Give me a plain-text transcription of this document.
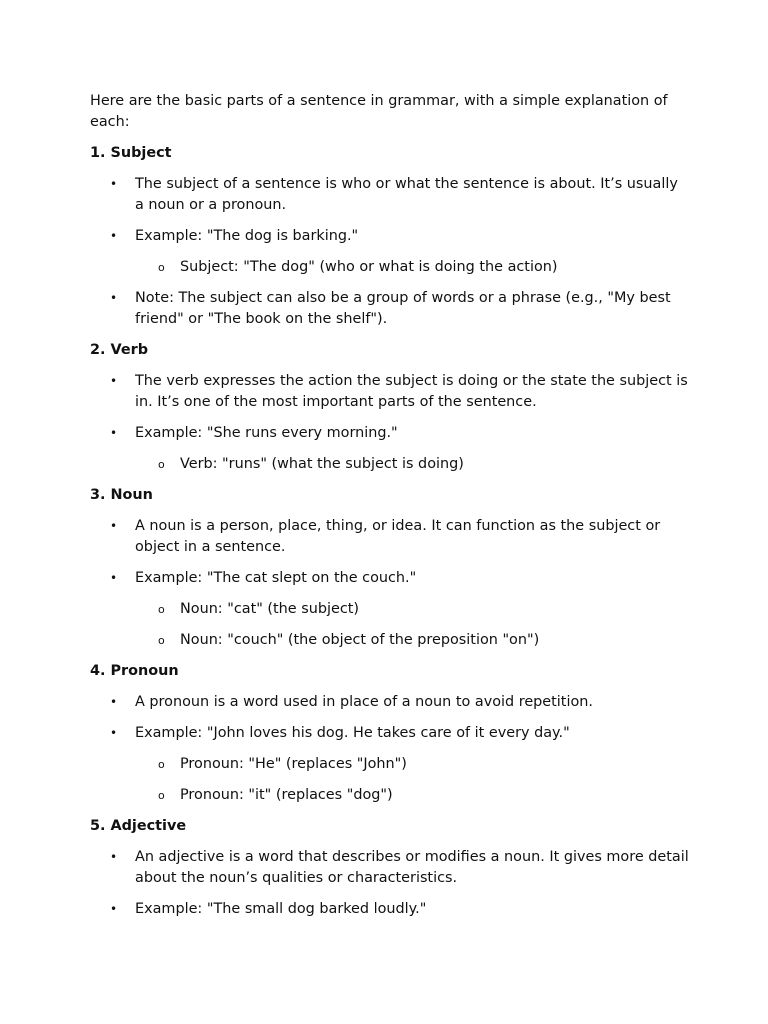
Here are the basic parts of a sentence in grammar, with a simple explanation of each:

1. Subject
• The subject of a sentence is who or what the sentence is about. It’s usually a noun or a pronoun.
• Example: "The dog is barking."
o Subject: "The dog" (who or what is doing the action)
• Note: The subject can also be a group of words or a phrase (e.g., "My best friend" or "The book on the shelf").
2. Verb
• The verb expresses the action the subject is doing or the state the subject is in. It’s one of the most important parts of the sentence.
• Example: "She runs every morning."
o Verb: "runs" (what the subject is doing)
3. Noun
• A noun is a person, place, thing, or idea. It can function as the subject or object in a sentence.
• Example: "The cat slept on the couch."
o Noun: "cat" (the subject)
o Noun: "couch" (the object of the preposition "on")
4. Pronoun
• A pronoun is a word used in place of a noun to avoid repetition.
• Example: "John loves his dog. He takes care of it every day."
o Pronoun: "He" (replaces "John")
o Pronoun: "it" (replaces "dog")
5. Adjective
• An adjective is a word that describes or modifies a noun. It gives more detail about the noun’s qualities or characteristics.
• Example: "The small dog barked loudly."
